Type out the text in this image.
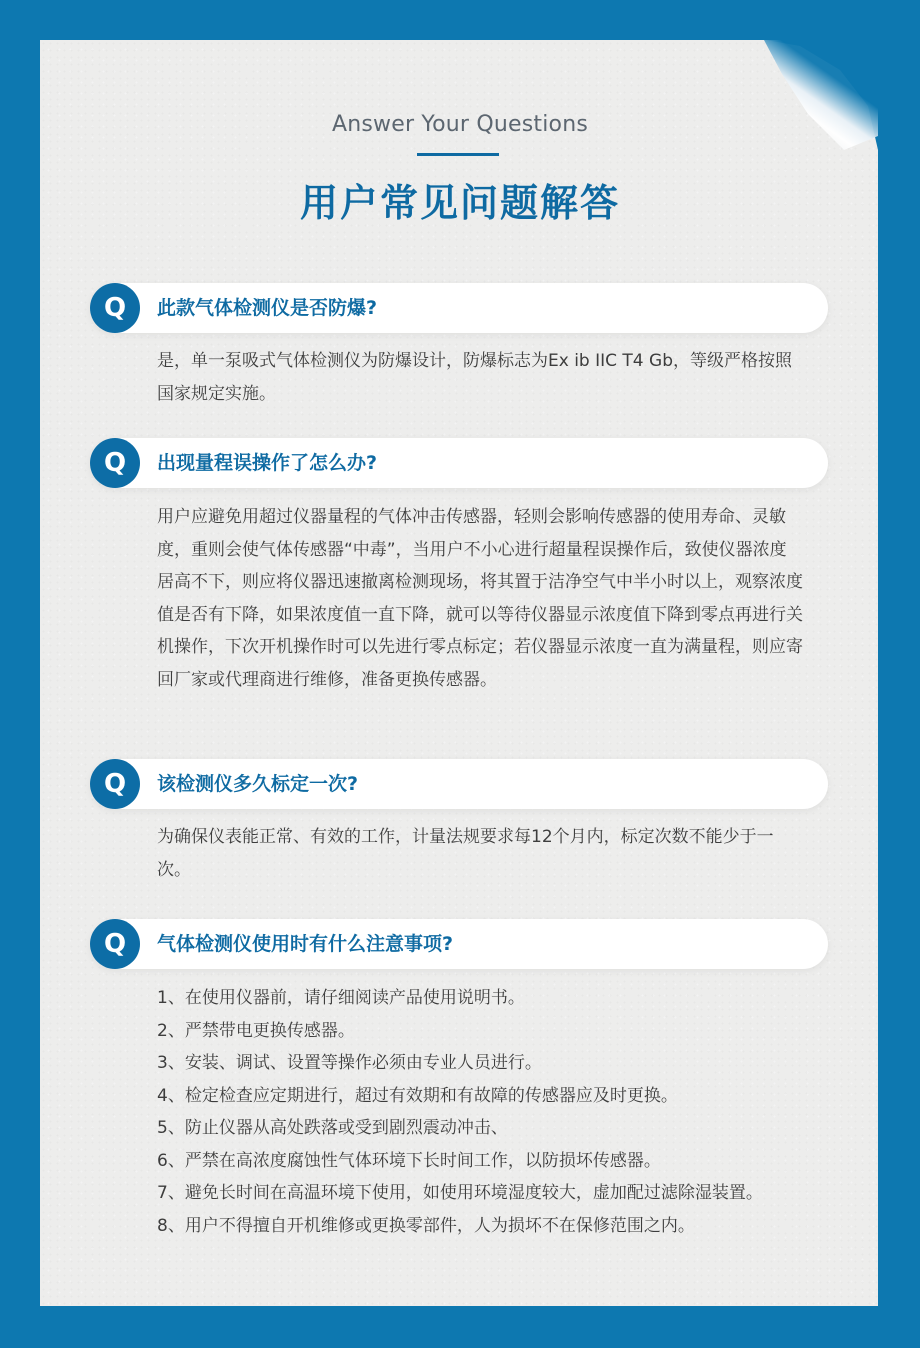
Answer Your Questions
用户常见问题解答
Q	此款气体检测仪是否防爆?

是，单一泵吸式气体检测仪为防爆设计，防爆标志为Ex ib IIC T4 Gb，等级严格按照国家规定实施。

Q	出现量程误操作了怎么办?

用户应避免用超过仪器量程的气体冲击传感器，轻则会影响传感器的使用寿命、灵敏度，重则会使气体传感器“中毒”，当用户不小心进行超量程误操作后，致使仪器浓度居高不下，则应将仪器迅速撤离检测现场，将其置于洁净空气中半小时以上，观察浓度值是否有下降，如果浓度值一直下降，就可以等待仪器显示浓度值下降到零点再进行关机操作，下次开机操作时可以先进行零点标定；若仪器显示浓度一直为满量程，则应寄回厂家或代理商进行维修，准备更换传感器。

Q	该检测仪多久标定一次?

为确保仪表能正常、有效的工作，计量法规要求每12个月内，标定次数不能少于一次。

Q	气体检测仪使用时有什么注意事项?

1、在使用仪器前，请仔细阅读产品使用说明书。

2、严禁带电更换传感器。

3、安装、调试、设置等操作必须由专业人员进行。

4、检定检查应定期进行，超过有效期和有故障的传感器应及时更换。

5、防止仪器从高处跌落或受到剧烈震动冲击、

6、严禁在高浓度腐蚀性气体环境下长时间工作，以防损坏传感器。

7、避免长时间在高温环境下使用，如使用环境湿度较大，虚加配过滤除湿装置。

8、用户不得擅自开机维修或更换零部件，人为损坏不在保修范围之内。
